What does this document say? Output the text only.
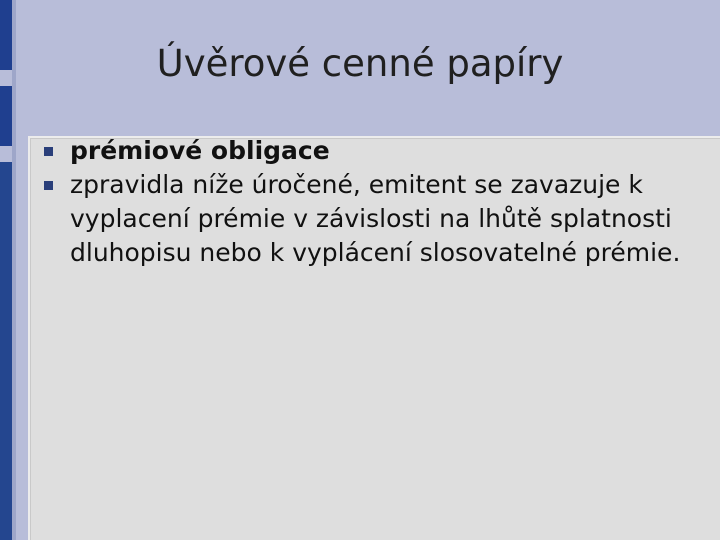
Úvěrové cenné papíry
prémiové obligace
zpravidla níže úročené, emitent se zavazuje k vyplacení prémie v závislosti na lhůtě splatnosti dluhopisu nebo k vyplácení slosovatelné prémie.
